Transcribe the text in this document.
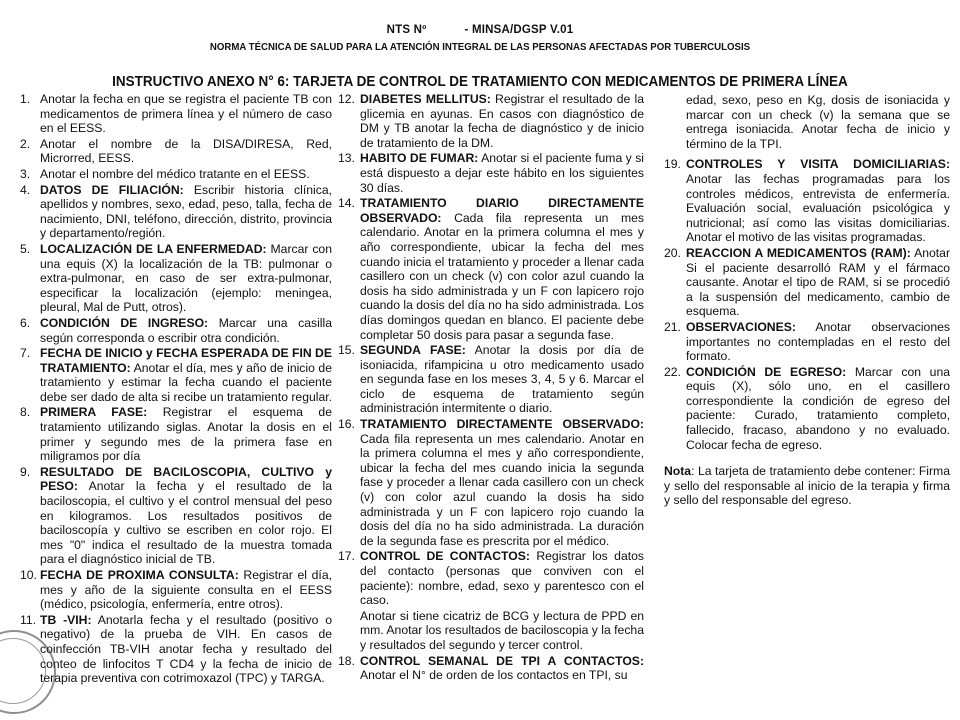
NTS Nº	- MINSA/DGSP V.01
NORMA TÉCNICA DE SALUD PARA LA ATENCIÓN INTEGRAL DE LAS PERSONAS AFECTADAS POR TUBERCULOSIS
INSTRUCTIVO ANEXO N° 6: TARJETA DE CONTROL DE TRATAMIENTO CON MEDICAMENTOS DE PRIMERA LÍNEA
1. Anotar la fecha en que se registra el paciente TB con medicamentos de primera línea y el número de caso en el EESS.
2. Anotar el nombre de la DISA/DIRESA, Red, Microrred, EESS.
3. Anotar el nombre del médico tratante en el EESS.
4. DATOS DE FILIACIÓN: Escribir historia clínica, apellidos y nombres, sexo, edad, peso, talla, fecha de nacimiento, DNI, teléfono, dirección, distrito, provincia y departamento/región.
5. LOCALIZACIÓN DE LA ENFERMEDAD: Marcar con una equis (X) la localización de la TB: pulmonar o extra-pulmonar, en caso de ser extra-pulmonar, especificar la localización (ejemplo: meningea, pleural, Mal de Putt, otros).
6. CONDICIÓN DE INGRESO: Marcar una casilla según corresponda o escribir otra condición.
7. FECHA DE INICIO y FECHA ESPERADA DE FIN DE TRATAMIENTO: Anotar el día, mes y año de inicio de tratamiento y estimar la fecha cuando el paciente debe ser dado de alta si recibe un tratamiento regular.
8. PRIMERA FASE: Registrar el esquema de tratamiento utilizando siglas. Anotar la dosis en el primer y segundo mes de la primera fase en miligramos por día
9. RESULTADO DE BACILOSCOPIA, CULTIVO y PESO: Anotar la fecha y el resultado de la baciloscopia, el cultivo y el control mensual del peso en kilogramos. Los resultados positivos de baciloscopía y cultivo se escriben en color rojo. El mes "0" indica el resultado de la muestra tomada para el diagnóstico inicial de TB.
10. FECHA DE PROXIMA CONSULTA: Registrar el día, mes y año de la siguiente consulta en el EESS (médico, psicología, enfermería, entre otros).
11. TB -VIH: Anotarla fecha y el resultado (positivo o negativo) de la prueba de VIH. En casos de coinfección TB-VIH anotar fecha y resultado del conteo de linfocitos T CD4 y la fecha de inicio de terapia preventiva con cotrimoxazol (TPC) y TARGA.
12. DIABETES MELLITUS: Registrar el resultado de la glicemia en ayunas. En casos con diagnóstico de DM y TB anotar la fecha de diagnóstico y de inicio de tratamiento de la DM.
13. HABITO DE FUMAR: Anotar si el paciente fuma y si está dispuesto a dejar este hábito en los siguientes 30 días.
14. TRATAMIENTO DIARIO DIRECTAMENTE OBSERVADO: Cada fila representa un mes calendario. Anotar en la primera columna el mes y año correspondiente, ubicar la fecha del mes cuando inicia el tratamiento y proceder a llenar cada casillero con un check (v) con color azul cuando la dosis ha sido administrada y un F con lapicero rojo cuando la dosis del día no ha sido administrada. Los días domingos quedan en blanco. El paciente debe completar 50 dosis para pasar a segunda fase.
15. SEGUNDA FASE: Anotar la dosis por día de isoniacida, rifampicina u otro medicamento usado en segunda fase en los meses 3, 4, 5 y 6. Marcar el ciclo de esquema de tratamiento según administración intermitente o diario.
16. TRATAMIENTO DIRECTAMENTE OBSERVADO: Cada fila representa un mes calendario. Anotar en la primera columna el mes y año correspondiente, ubicar la fecha del mes cuando inicia la segunda fase y proceder a llenar cada casillero con un check (v) con color azul cuando la dosis ha sido administrada y un F con lapicero rojo cuando la dosis del día no ha sido administrada. La duración de la segunda fase es prescrita por el médico.
17. CONTROL DE CONTACTOS: Registrar los datos del contacto (personas que conviven con el paciente): nombre, edad, sexo y parentesco con el caso.
Anotar si tiene cicatriz de BCG y lectura de PPD en mm. Anotar los resultados de baciloscopia y la fecha y resultados del segundo y tercer control.
18. CONTROL SEMANAL DE TPI A CONTACTOS: Anotar el N° de orden de los contactos en TPI, su
edad, sexo, peso en Kg, dosis de isoniacida y marcar con un check (v) la semana que se entrega isoniacida. Anotar fecha de inicio y término de la TPI.
19. CONTROLES Y VISITA DOMICILIARIAS: Anotar las fechas programadas para los controles médicos, entrevista de enfermería. Evaluación social, evaluación psicológica y nutricional; así como las visitas domiciliarias. Anotar el motivo de las visitas programadas.
20. REACCION A MEDICAMENTOS (RAM): Anotar Si el paciente desarrolló RAM y el fármaco causante. Anotar el tipo de RAM, si se procedió a la suspensión del medicamento, cambio de esquema.
21. OBSERVACIONES: Anotar observaciones importantes no contempladas en el resto del formato.
22. CONDICIÓN DE EGRESO: Marcar con una equis (X), sólo uno, en el casillero correspondiente la condición de egreso del paciente: Curado, tratamiento completo, fallecido, fracaso, abandono y no evaluado. Colocar fecha de egreso.
Nota: La tarjeta de tratamiento debe contener: Firma y sello del responsable al inicio de la terapia y firma y sello del responsable del egreso.
